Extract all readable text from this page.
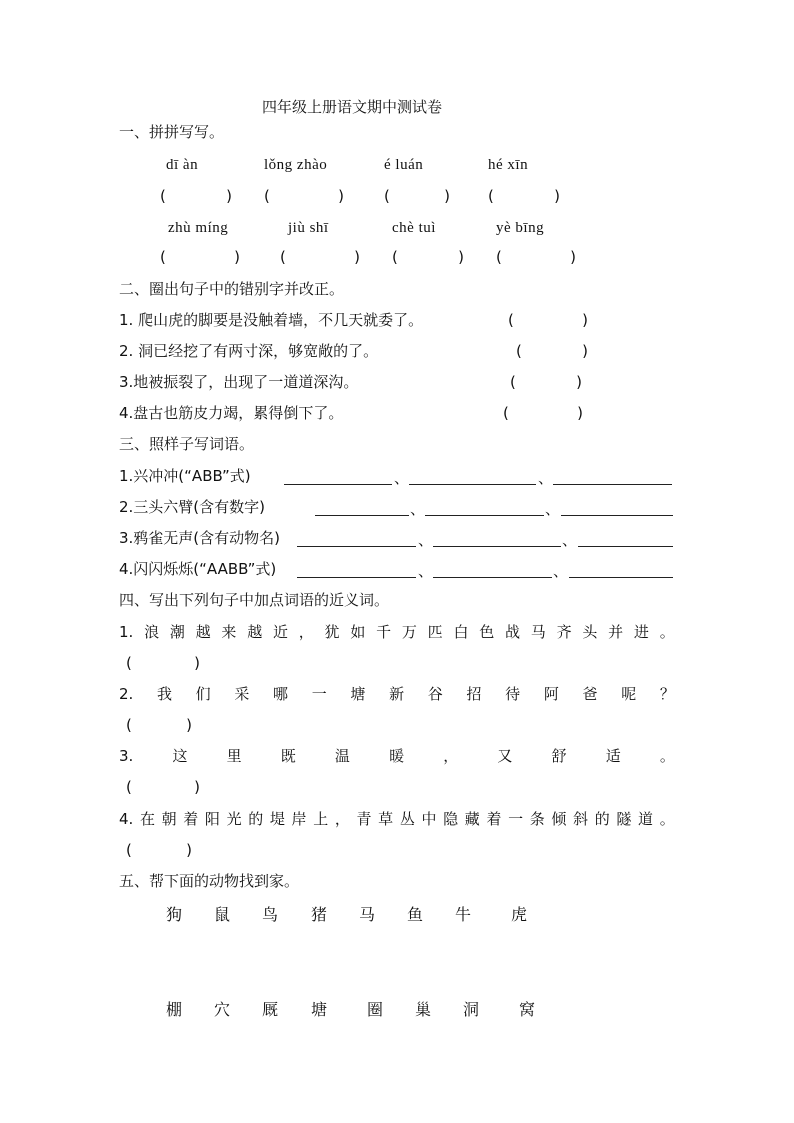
四年级上册语文期中测试卷
一、拼拼写写。
dī àn	lǒng zhào	é luán	hé xīn
(	) (	)	(	)	(	)
zhù míng	jiù shī	chè tuì	yè bīng
(	)	(	) (	) (	)
二、圈出句子中的错别字并改正。
1. 爬山虎的脚要是没触着墙，不几天就委了。	(	)
2. 洞已经挖了有两寸深，够宽敞的了。	(	)
3.地被振裂了，出现了一道道深沟。	(	)
4.盘古也筋皮力竭，累得倒下了。	(	)
三、照样子写词语。
1.兴冲冲(“ABB”式)	、	、
2.三头六臂(含有数字)	、	、
3.鸦雀无声(含有动物名)	、	、
4.闪闪烁烁(“AABB”式)	、	、
四、写出下列句子中加点词语的近义词。
1. 浪 潮 越 来 越 近 ， 犹 如 千 万 匹 白 色 战 马 齐 头 并 进 。
(	)
2. 我 们 采 哪 一 塘 新 谷 招 待 阿 爸 呢 ？
(	)
3.	这	里	既	温	暖	，	又	舒	适	。
(	)
4. 在 朝 着 阳 光 的 堤 岸 上 ， 青 草 丛 中 隐 藏 着 一 条 倾 斜 的 隧 道 。
(	)
五、帮下面的动物找到家。
狗 鼠 鸟 猪 马 鱼 牛 虎
棚 穴 厩 塘 圈 巢 洞 窝
